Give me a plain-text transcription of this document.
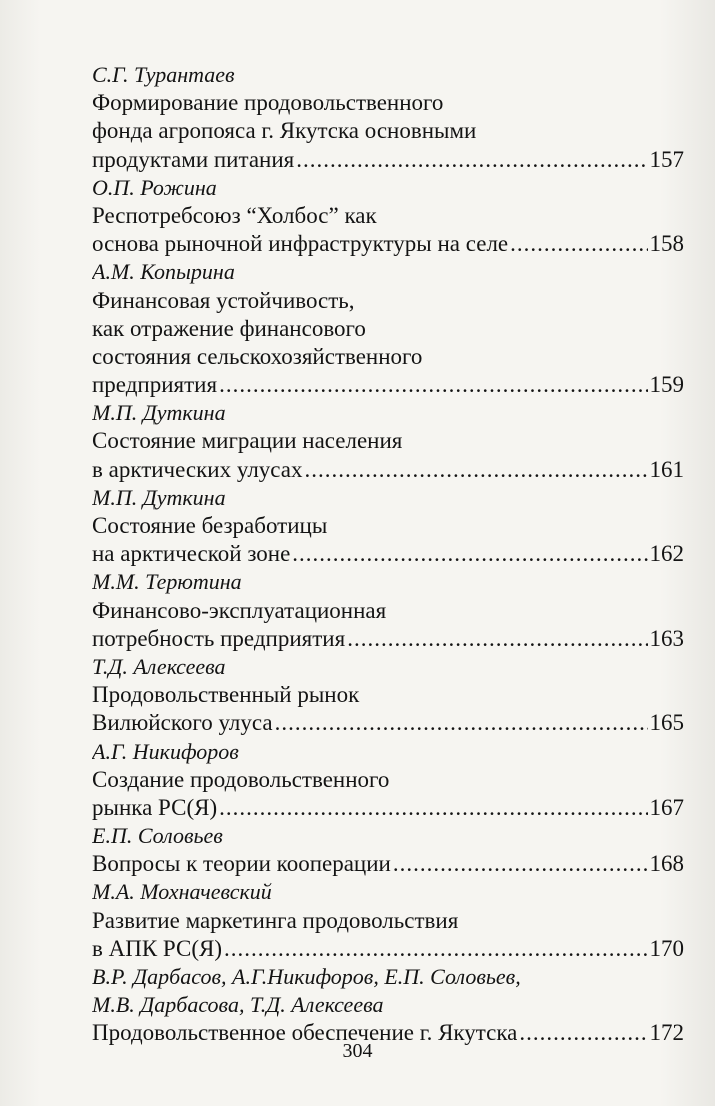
С.Г. Турантаев
Формирование продовольственного
фонда агропояса г. Якутска основными
продуктами питания .....	157
О.П. Рожина
Респотребсоюз “Холбос” как
основа рыночной инфраструктуры на селе .....	158
А.М. Копырина
Финансовая устойчивость,
как отражение финансового
состояния сельскохозяйственного
предприятия .....	159
М.П. Дуткина
Состояние миграции населения
в арктических улусах .....	161
М.П. Дуткина
Состояние безработицы
на арктической зоне .....	162
М.М. Терютина
Финансово-эксплуатационная
потребность предприятия .....	163
Т.Д. Алексеева
Продовольственный рынок
Вилюйского улуса .....	165
А.Г. Никифоров
Создание продовольственного
рынка РС(Я) .....	167
Е.П. Соловьев
Вопросы к теории кооперации .....	168
М.А. Мохначевский
Развитие маркетинга продовольствия
в АПК РС(Я) .....	170
В.Р. Дарбасов, А.Г.Никифоров, Е.П. Соловьев,
М.В. Дарбасова, Т.Д. Алексеева
Продовольственное обеспечение г. Якутска .....	172
304
